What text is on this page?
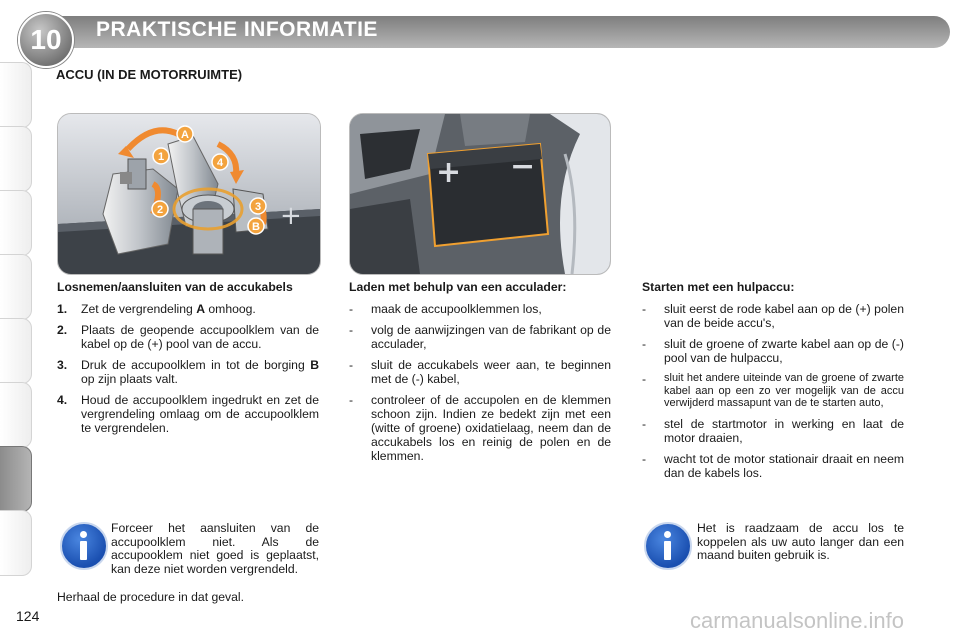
10	PRAKTISCHE INFORMATIE
ACCU (IN DE MOTORRUIMTE)
+
A
1	4
2	3
B
+ −
Losnemen/aansluiten van de accukabels
1.	Zet de vergrendeling A omhoog.
2.	Plaats de geopende accupoolklem van de kabel op de (+) pool van de accu.
3.	Druk de accupoolklem in tot de borging B op zijn plaats valt.
4.	Houd de accupoolklem ingedrukt en zet de vergrendeling omlaag om de accupoolklem te vergrendelen.
Laden met behulp van een acculader:
-	maak de accupoolklemmen los,
-	volg de aanwijzingen van de fabrikant op de acculader,
-	sluit de accukabels weer aan, te beginnen met de (-) kabel,
-	controleer of de accupolen en de klemmen schoon zijn. Indien ze bedekt zijn met een (witte of groene) oxidatielaag, neem dan de accukabels los en reinig de polen en de klemmen.
Starten met een hulpaccu:
-	sluit eerst de rode kabel aan op de (+) polen van de beide accu's,
-	sluit de groene of zwarte kabel aan op de (-) pool van de hulpaccu,
-	sluit het andere uiteinde van de groene of zwarte kabel aan op een zo ver mogelijk van de accu verwijderd massapunt van de te starten auto,
-	stel de startmotor in werking en laat de motor draaien,
-	wacht tot de motor stationair draait en neem dan de kabels los.
Forceer het aansluiten van de accupoolklem niet. Als de accupooklem niet goed is geplaatst, kan deze niet worden vergrendeld.
Herhaal de procedure in dat geval.
Het is raadzaam de accu los te koppelen als uw auto langer dan een maand buiten gebruik is.
124	carmanualsonline.info
